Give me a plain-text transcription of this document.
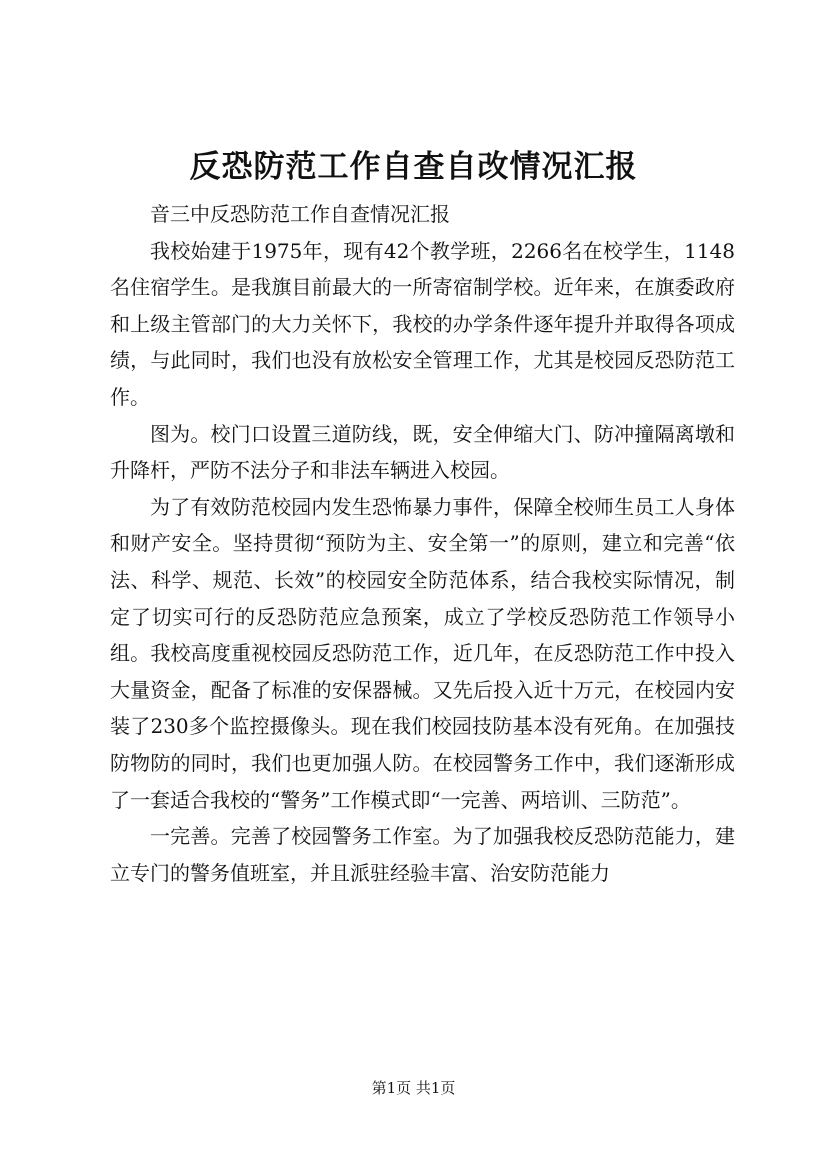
反恐防范工作自查自改情况汇报

音三中反恐防范工作自查情况汇报

我校始建于1975年，现有42个教学班，2266名在校学生，1148名住宿学生。是我旗目前最大的一所寄宿制学校。近年来，在旗委政府和上级主管部门的大力关怀下，我校的办学条件逐年提升并取得各项成绩，与此同时，我们也没有放松安全管理工作，尤其是校园反恐防范工作。

图为。校门口设置三道防线，既，安全伸缩大门、防冲撞隔离墩和升降杆，严防不法分子和非法车辆进入校园。

为了有效防范校园内发生恐怖暴力事件，保障全校师生员工人身体和财产安全。坚持贯彻“预防为主、安全第一”的原则，建立和完善“依法、科学、规范、长效”的校园安全防范体系，结合我校实际情况，制定了切实可行的反恐防范应急预案，成立了学校反恐防范工作领导小组。我校高度重视校园反恐防范工作，近几年，在反恐防范工作中投入大量资金，配备了标准的安保器械。又先后投入近十万元，在校园内安装了230多个监控摄像头。现在我们校园技防基本没有死角。在加强技防物防的同时，我们也更加强人防。在校园警务工作中，我们逐渐形成了一套适合我校的“警务”工作模式即“一完善、两培训、三防范”。

一完善。完善了校园警务工作室。为了加强我校反恐防范能力，建立专门的警务值班室，并且派驻经验丰富、治安防范能力

第1页 共1页
